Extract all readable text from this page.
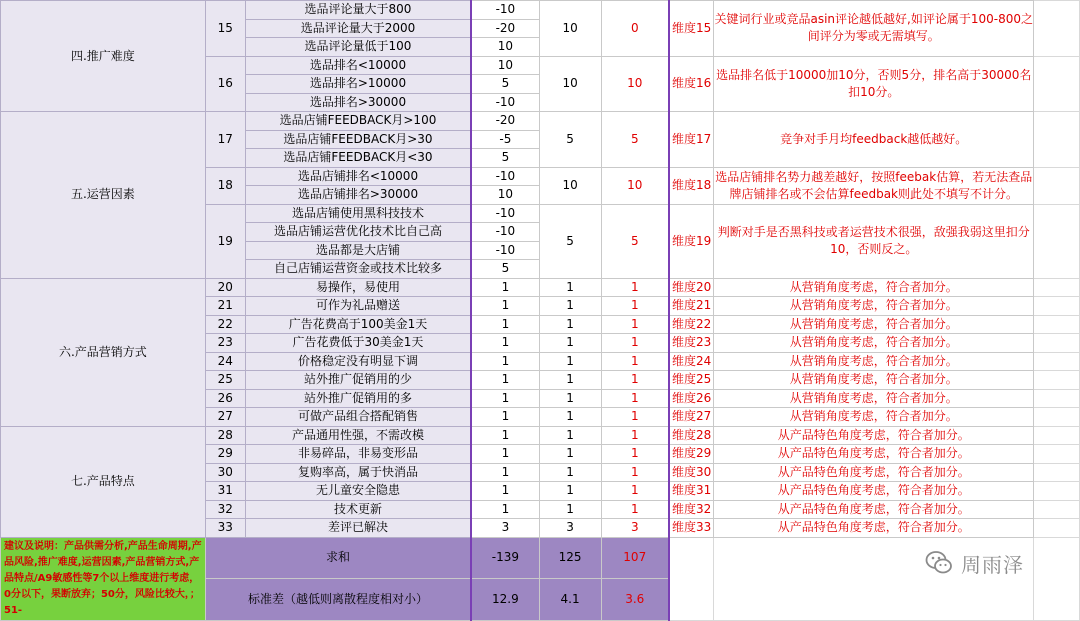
四.推广难度	15	选品评论量大于800	-10	10	0	维度15	关键词行业或竞品asin评论越低越好,如评论属于100-800之间评分为零或无需填写。	
		选品评论量大于2000	-20					
		选品评论量低于100	10					
	16	选品排名<10000	10	10	10	维度16	选品排名低于10000加10分，否则5分，排名高于30000名扣10分。	
		选品排名>10000	5					
		选品排名>30000	-10					
五.运营因素	17	选品店铺FEEDBACK月>100	-20	5	5	维度17	竞争对手月均feedback越低越好。	
		选品店铺FEEDBACK月>30	-5					
		选品店铺FEEDBACK月<30	5					
	18	选品店铺排名<10000	-10	10	10	维度18	选品店铺排名势力越差越好，按照feebak估算，若无法查品牌店铺排名或不会估算feedbak则此处不填写不计分。	
		选品店铺排名>30000	10					
	19	选品店铺使用黑科技技术	-10	5	5	维度19	判断对手是否黑科技或者运营技术很强，敌强我弱这里扣分10，否则反之。	
		选品店铺运营优化技术比自己高	-10					
		选品都是大店铺	-10					
		自己店铺运营资金或技术比较多	5					
六.产品营销方式	20	易操作，易使用	1	1	1	维度20	从营销角度考虑，符合者加分。	
	21	可作为礼品赠送	1	1	1	维度21	从营销角度考虑，符合者加分。	
	22	广告花费高于100美金1天	1	1	1	维度22	从营销角度考虑，符合者加分。	
	23	广告花费低于30美金1天	1	1	1	维度23	从营销角度考虑，符合者加分。	
	24	价格稳定没有明显下调	1	1	1	维度24	从营销角度考虑，符合者加分。	
	25	站外推广促销用的少	1	1	1	维度25	从营销角度考虑，符合者加分。	
	26	站外推广促销用的多	1	1	1	维度26	从营销角度考虑，符合者加分。	
	27	可做产品组合搭配销售	1	1	1	维度27	从营销角度考虑，符合者加分。	
七.产品特点	28	产品通用性强，不需改模	1	1	1	维度28	从产品特色角度考虑，符合者加分。	
	29	非易碎品，非易变形品	1	1	1	维度29	从产品特色角度考虑，符合者加分。	
	30	复购率高，属于快消品	1	1	1	维度30	从产品特色角度考虑，符合者加分。	
	31	无儿童安全隐患	1	1	1	维度31	从产品特色角度考虑，符合者加分。	
	32	技术更新	1	1	1	维度32	从产品特色角度考虑，符合者加分。	
	33	差评已解决	3	3	3	维度33	从产品特色角度考虑，符合者加分。	
建议及说明：产品供需分析,产品生命周期,产品风险,推广难度,运营因素,产品营销方式,产品特点/A9敏感性等7个以上维度进行考虑，0分以下，果断放弃；50分，风险比较大，；51-	求和		-139	125	107			
	标准差（越低则离散程度相对小）		12.9	4.1	3.6			
周雨泽
